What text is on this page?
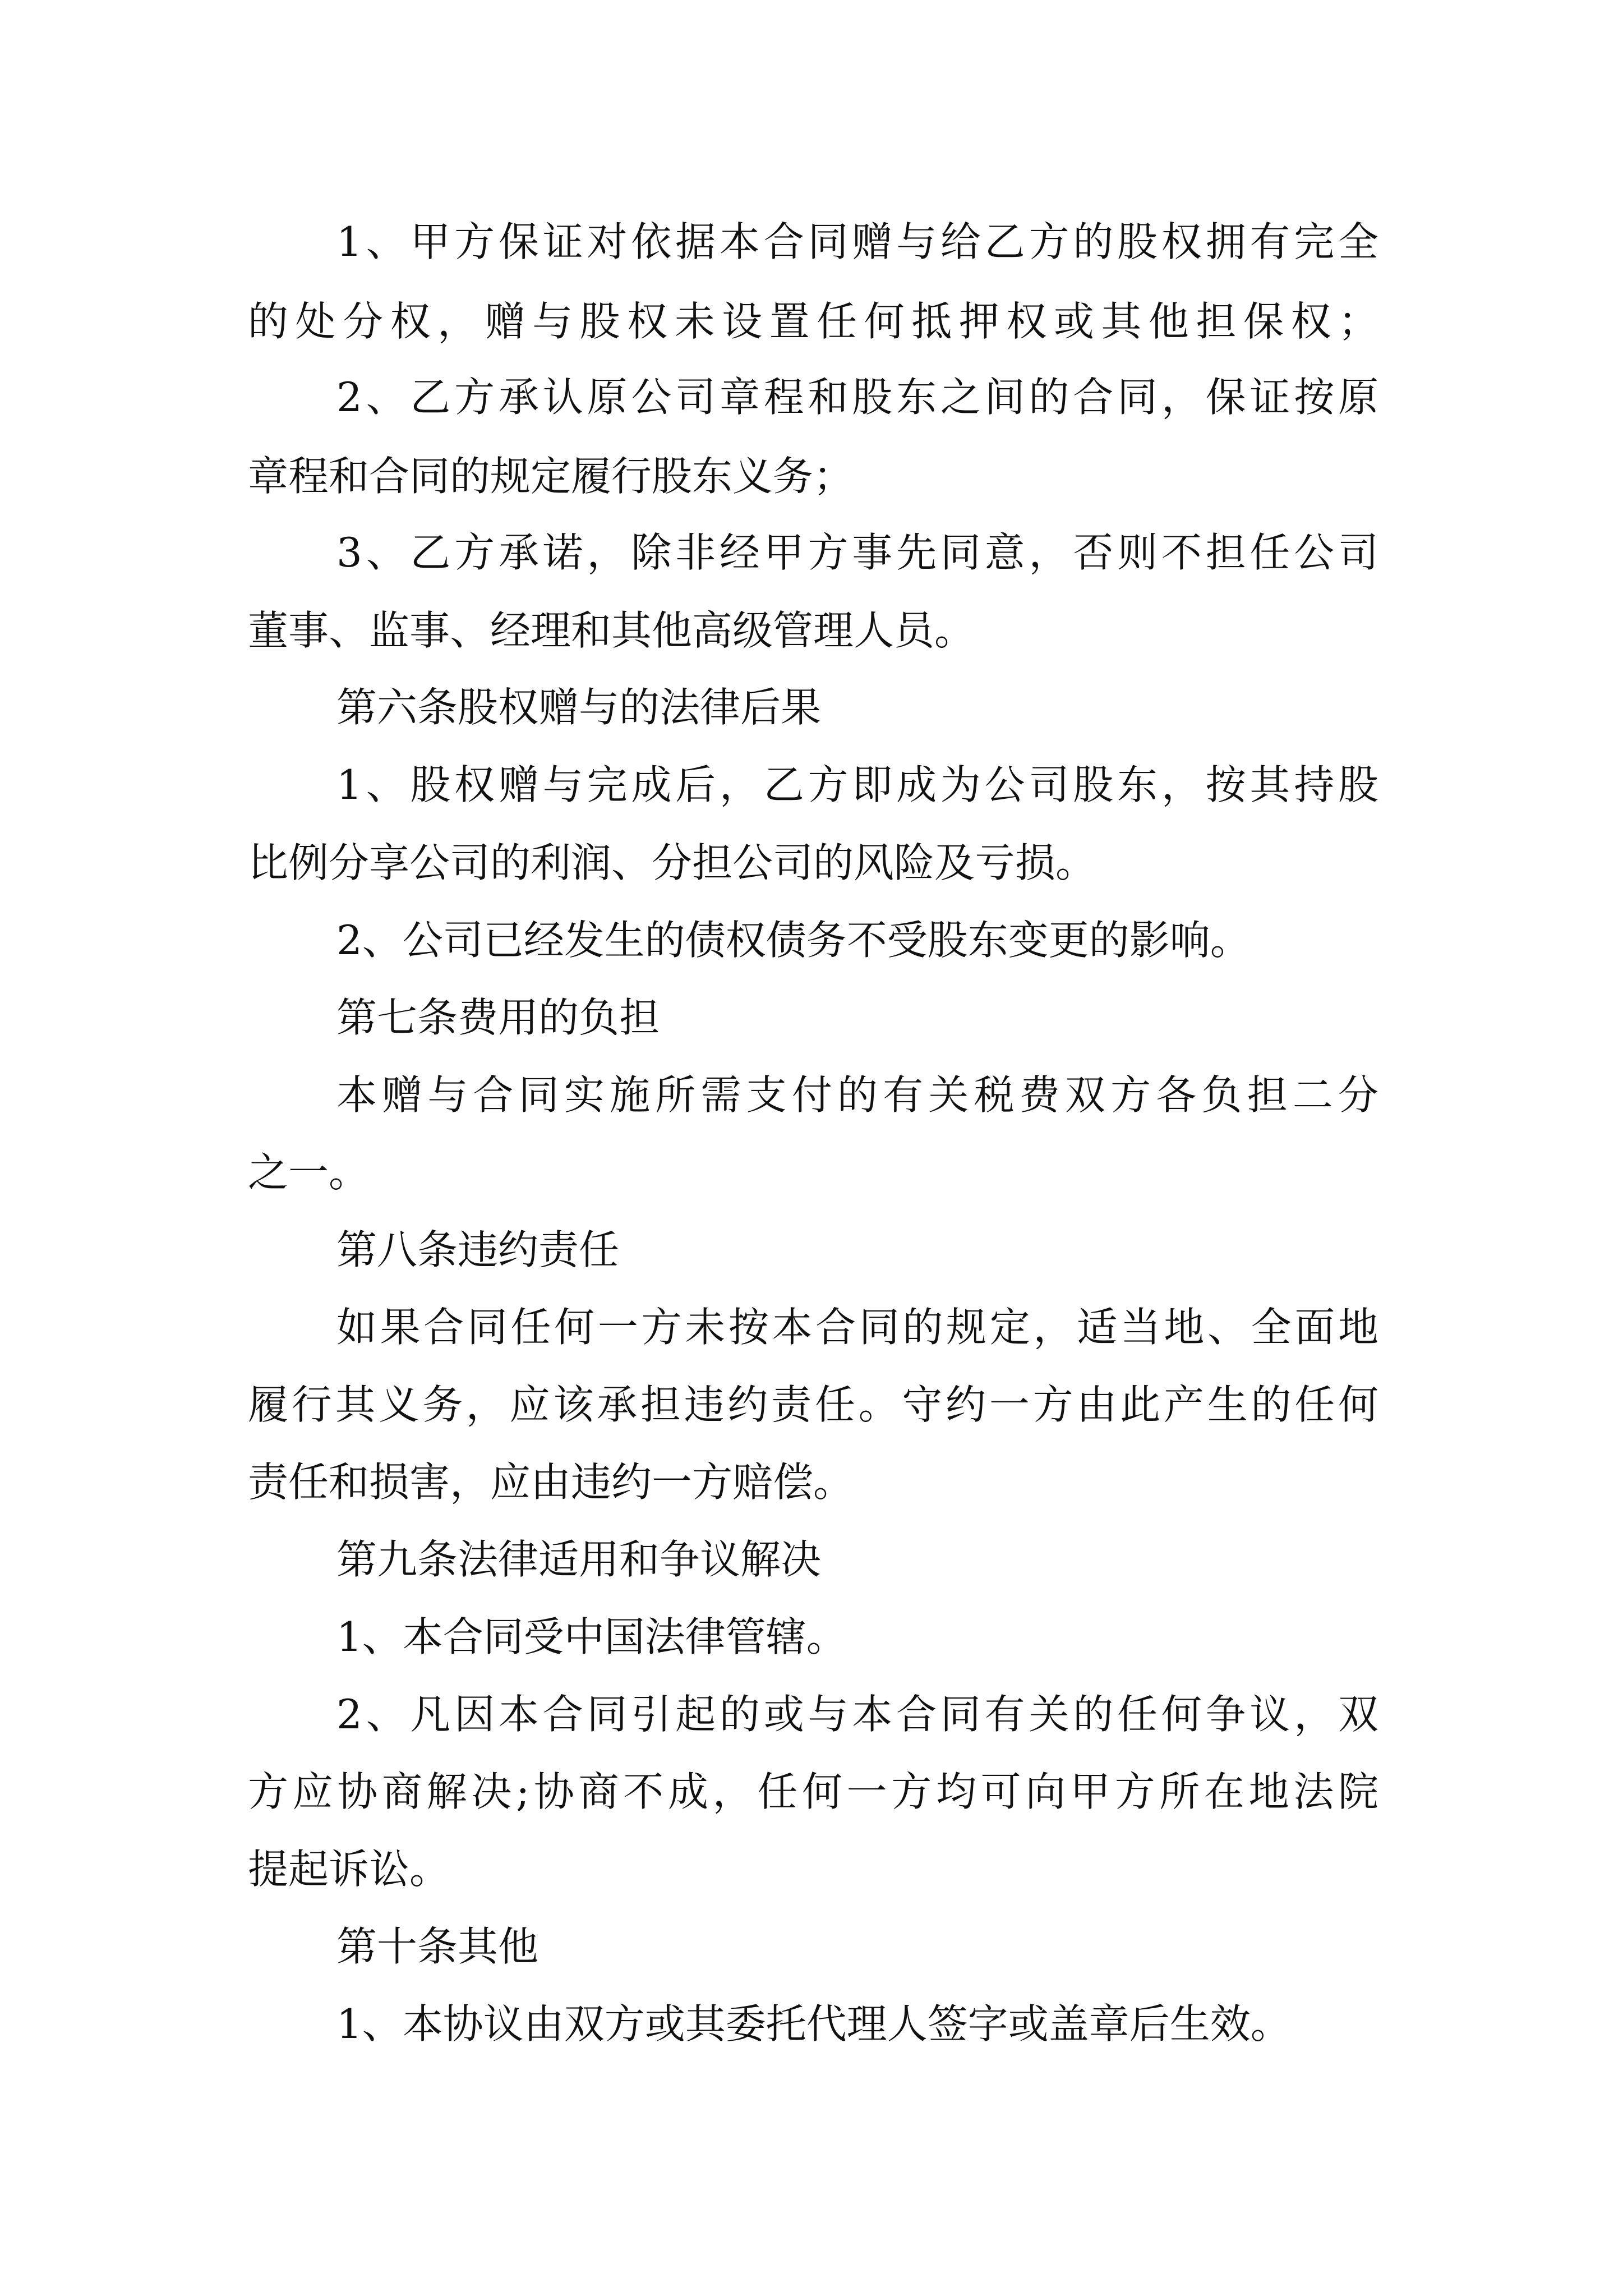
1、甲方保证对依据本合同赠与给乙方的股权拥有完全
的处分权，赠与股权未设置任何抵押权或其他担保权；
2、乙方承认原公司章程和股东之间的合同，保证按原
章程和合同的规定履行股东义务；
3、乙方承诺，除非经甲方事先同意，否则不担任公司
董事、监事、经理和其他高级管理人员。
第六条股权赠与的法律后果
1、股权赠与完成后，乙方即成为公司股东，按其持股
比例分享公司的利润、分担公司的风险及亏损。
2、公司已经发生的债权债务不受股东变更的影响。
第七条费用的负担
本赠与合同实施所需支付的有关税费双方各负担二分
之一。
第八条违约责任
如果合同任何一方未按本合同的规定，适当地、全面地
履行其义务，应该承担违约责任。守约一方由此产生的任何
责任和损害，应由违约一方赔偿。
第九条法律适用和争议解决
1、本合同受中国法律管辖。
2、凡因本合同引起的或与本合同有关的任何争议，双
方应协商解决;协商不成，任何一方均可向甲方所在地法院
提起诉讼。
第十条其他
1、本协议由双方或其委托代理人签字或盖章后生效。
